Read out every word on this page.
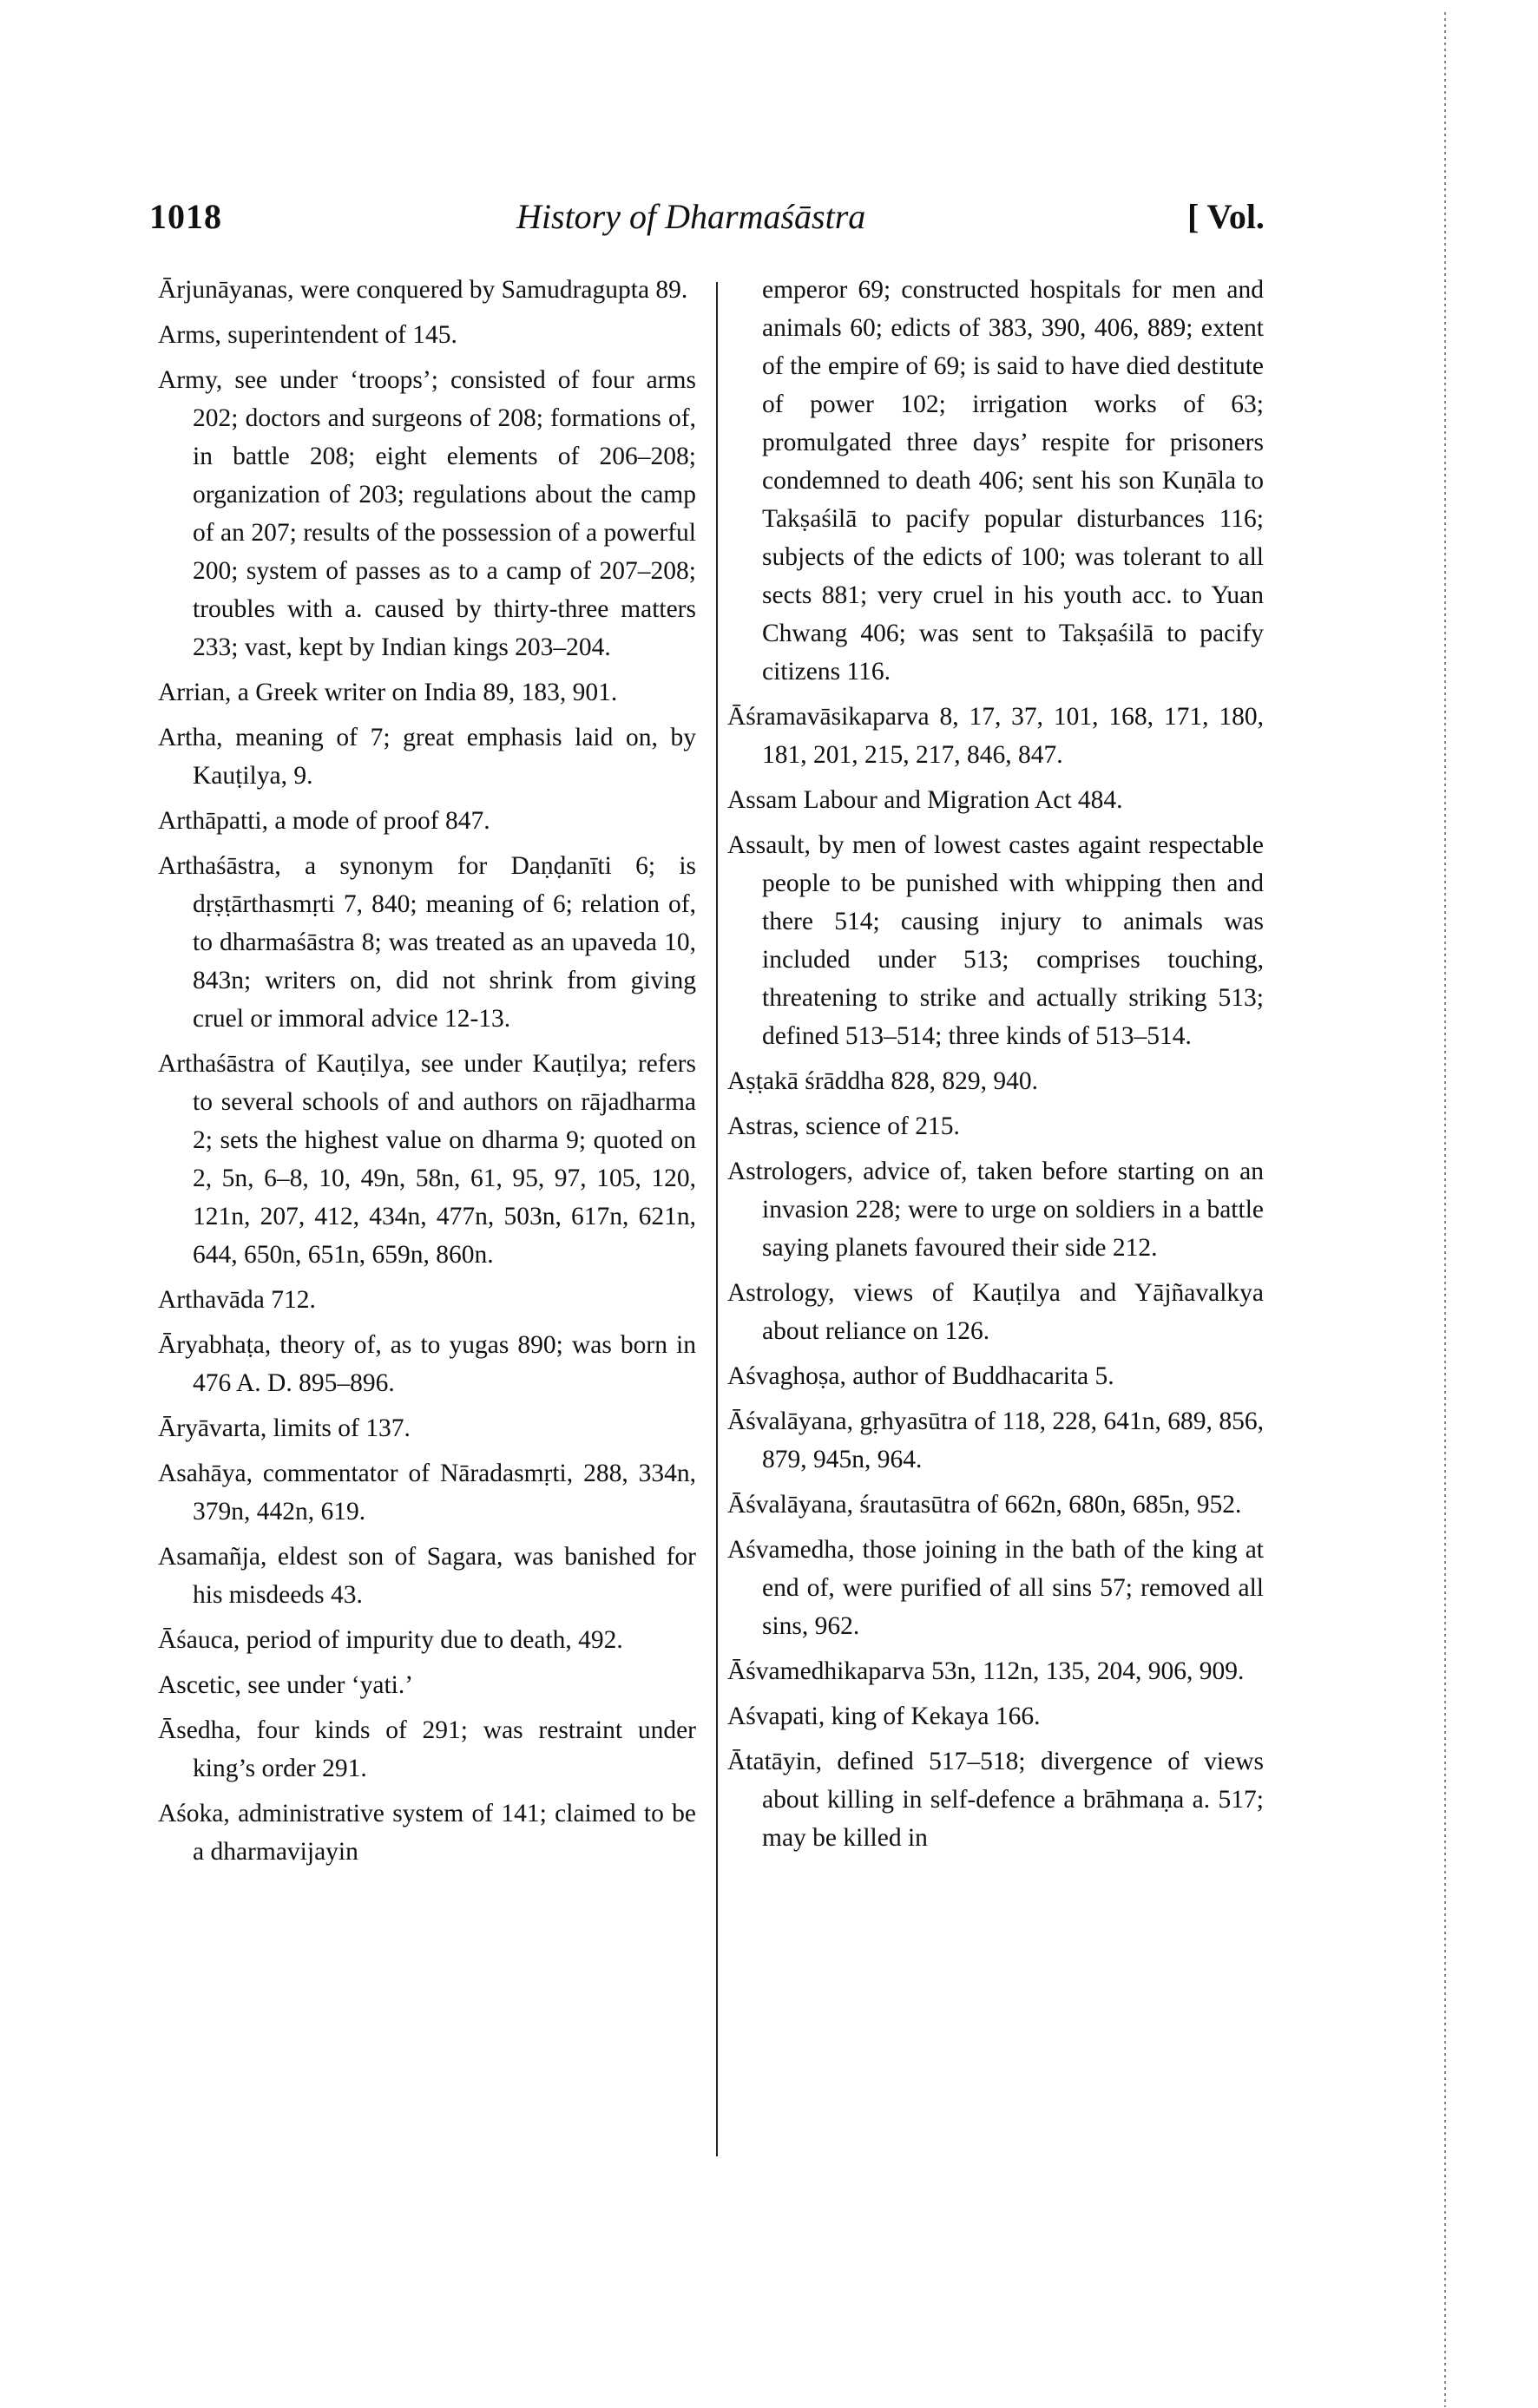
1018	History of Dharmaśāstra	[ Vol.

Ārjunāyanas, were conquered by Samudragupta 89.

Arms, superintendent of 145.

Army, see under ‘troops’; consisted of four arms 202; doctors and surgeons of 208; formations of, in battle 208; eight elements of 206–208; organization of 203; regulations about the camp of an 207; results of the possession of a powerful 200; system of passes as to a camp of 207–208; troubles with a. caused by thirty-three matters 233; vast, kept by Indian kings 203–204.

Arrian, a Greek writer on India 89, 183, 901.

Artha, meaning of 7; great emphasis laid on, by Kauṭilya, 9.

Arthāpatti, a mode of proof 847.

Arthaśāstra, a synonym for Daṇḍanīti 6; is dṛṣṭārthasmṛti 7, 840; meaning of 6; relation of, to dharmaśāstra 8; was treated as an upaveda 10, 843n; writers on, did not shrink from giving cruel or immoral advice 12-13.

Arthaśāstra of Kauṭilya, see under Kauṭilya; refers to several schools of and authors on rājadharma 2; sets the highest value on dharma 9; quoted on 2, 5n, 6–8, 10, 49n, 58n, 61, 95, 97, 105, 120, 121n, 207, 412, 434n, 477n, 503n, 617n, 621n, 644, 650n, 651n, 659n, 860n.

Arthavāda 712.

Āryabhaṭa, theory of, as to yugas 890; was born in 476 A. D. 895–896.

Āryāvarta, limits of 137.

Asahāya, commentator of Nāradasmṛti, 288, 334n, 379n, 442n, 619.

Asamañja, eldest son of Sagara, was banished for his misdeeds 43.

Āśauca, period of impurity due to death, 492.

Ascetic, see under ‘yati.’

Āsedha, four kinds of 291; was restraint under king’s order 291.

Aśoka, administrative system of 141; claimed to be a dharmavijayin

emperor 69; constructed hospitals for men and animals 60; edicts of 383, 390, 406, 889; extent of the empire of 69; is said to have died destitute of power 102; irrigation works of 63; promulgated three days’ respite for prisoners condemned to death 406; sent his son Kuṇāla to Takṣaśilā to pacify popular disturbances 116; subjects of the edicts of 100; was tolerant to all sects 881; very cruel in his youth acc. to Yuan Chwang 406; was sent to Takṣaśilā to pacify citizens 116.

Āśramavāsikaparva 8, 17, 37, 101, 168, 171, 180, 181, 201, 215, 217, 846, 847.

Assam Labour and Migration Act 484.

Assault, by men of lowest castes againt respectable people to be punished with whipping then and there 514; causing injury to animals was included under 513; comprises touching, threatening to strike and actually striking 513; defined 513–514; three kinds of 513–514.

Aṣṭakā śrāddha 828, 829, 940.

Astras, science of 215.

Astrologers, advice of, taken before starting on an invasion 228; were to urge on soldiers in a battle saying planets favoured their side 212.

Astrology, views of Kauṭilya and Yājñavalkya about reliance on 126.

Aśvaghoṣa, author of Buddhacarita 5.

Āśvalāyana, gṛhyasūtra of 118, 228, 641n, 689, 856, 879, 945n, 964.

Āśvalāyana, śrautasūtra of 662n, 680n, 685n, 952.

Aśvamedha, those joining in the bath of the king at end of, were purified of all sins 57; removed all sins, 962.

Āśvamedhikaparva 53n, 112n, 135, 204, 906, 909.

Aśvapati, king of Kekaya 166.

Ātatāyin, defined 517–518; divergence of views about killing in self-defence a brāhmaṇa a. 517; may be killed in
